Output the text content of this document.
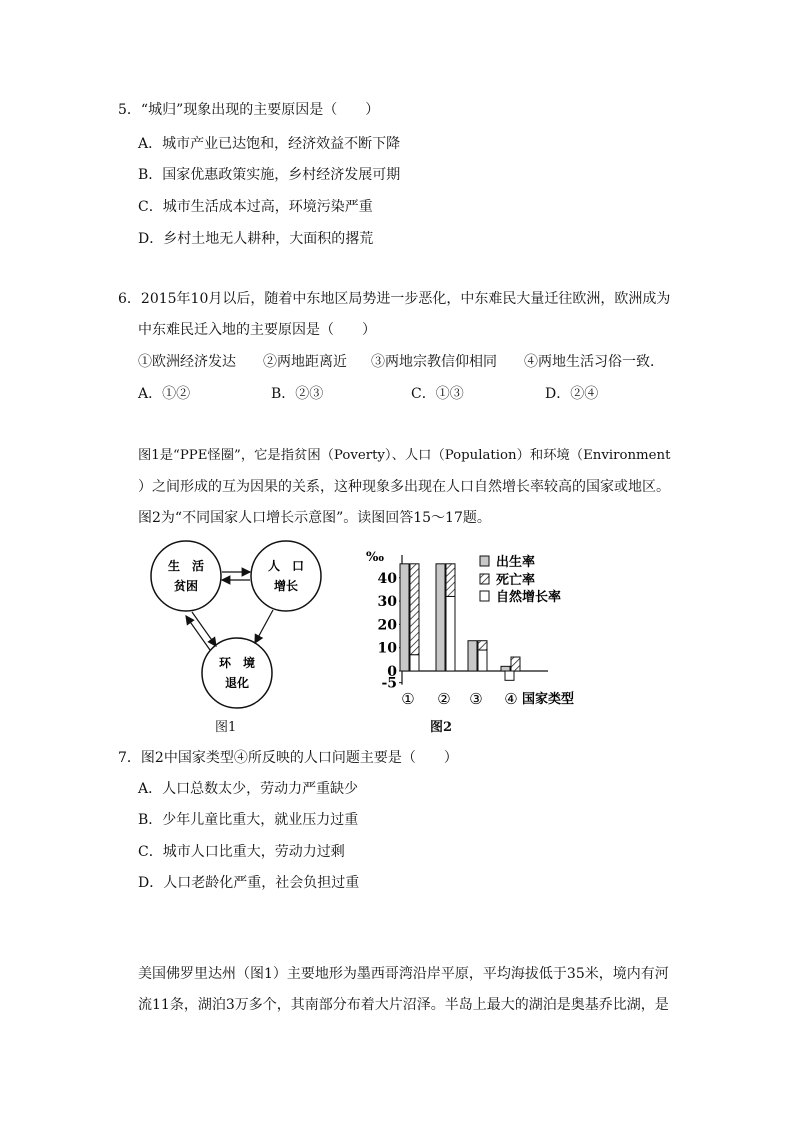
5．“城归”现象出现的主要原因是（　　）
A．城市产业已达饱和，经济效益不断下降
B．国家优惠政策实施，乡村经济发展可期
C．城市生活成本过高，环境污染严重
D．乡村土地无人耕种，大面积的撂荒
6．2015年10月以后，随着中东地区局势进一步恶化，中东难民大量迁往欧洲，欧洲成为
中东难民迁入地的主要原因是（　　）
①欧洲经济发达 ②两地距离近 ③两地宗教信仰相同 ④两地生活习俗一致．
A．①②	B．②③	C．①③	D．②④
图1是“PPE怪圈”，它是指贫困（Poverty）、人口（Population）和环境（Environment
）之间形成的互为因果的关系，这种现象多出现在人口自然增长率较高的国家或地区。
图2为“不同国家人口增长示意图”。读图回答15～17题。
生　活
贫困
人　口
增长
环　境
退化
图1
‰
-5
0
10
20
30
40
① ② ③ ④ 国家类型
出生率
死亡率
自然增长率
图2
7．图2中国家类型④所反映的人口问题主要是（　　）
A．人口总数太少，劳动力严重缺少
B．少年儿童比重大，就业压力过重
C．城市人口比重大，劳动力过剩
D．人口老龄化严重，社会负担过重
美国佛罗里达州（图1）主要地形为墨西哥湾沿岸平原，平均海拔低于35米，境内有河
流11条，湖泊3万多个，其南部分布着大片沼泽。半岛上最大的湖泊是奥基乔比湖，是
